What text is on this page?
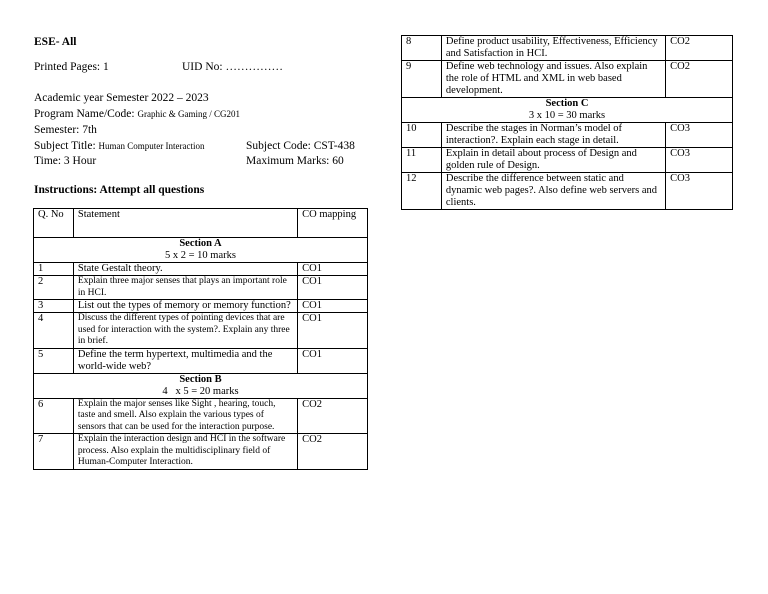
ESE- All
Printed Pages: 1	UID No: ……………
Academic year Semester 2022 – 2023
Program Name/Code: Graphic & Gaming / CG201
Semester: 7th
Subject Title: Human Computer Interaction	Subject Code: CST-438
Time: 3 Hour	Maximum Marks: 60
Instructions: Attempt all questions
Q. No	Statement	CO mapping

Section A
5 x 2 = 10 marks		
1	State Gestalt theory.	CO1
2	Explain three major senses that plays an important role in HCI.	CO1
3	List out the types of memory or memory function?	CO1
4	Discuss the different types of pointing devices that are used for interaction with the system?. Explain any three in brief.	CO1
5	Define the term hypertext, multimedia and the world-wide web?	CO1

Section B
4   x 5 = 20 marks		
6	Explain the major senses like Sight , hearing, touch, taste and smell. Also explain the various types of sensors that can be used for the interaction purpose.	CO2
7	Explain the interaction design and HCI in the software process. Also explain the multidisciplinary field of Human-Computer Interaction.	CO2
8	Define product usability, Effectiveness, Efficiency and Satisfaction in HCI.	CO2
9	Define web technology and issues. Also explain the role of HTML and XML in web based development.	CO2

Section C
3 x 10 = 30 marks		
10	Describe the stages in Norman’s model of interaction?. Explain each stage in detail.	CO3
11	Explain in detail about process of Design and golden rule of Design.	CO3
12	Describe the difference between static and dynamic web pages?. Also define web servers and clients.	CO3
